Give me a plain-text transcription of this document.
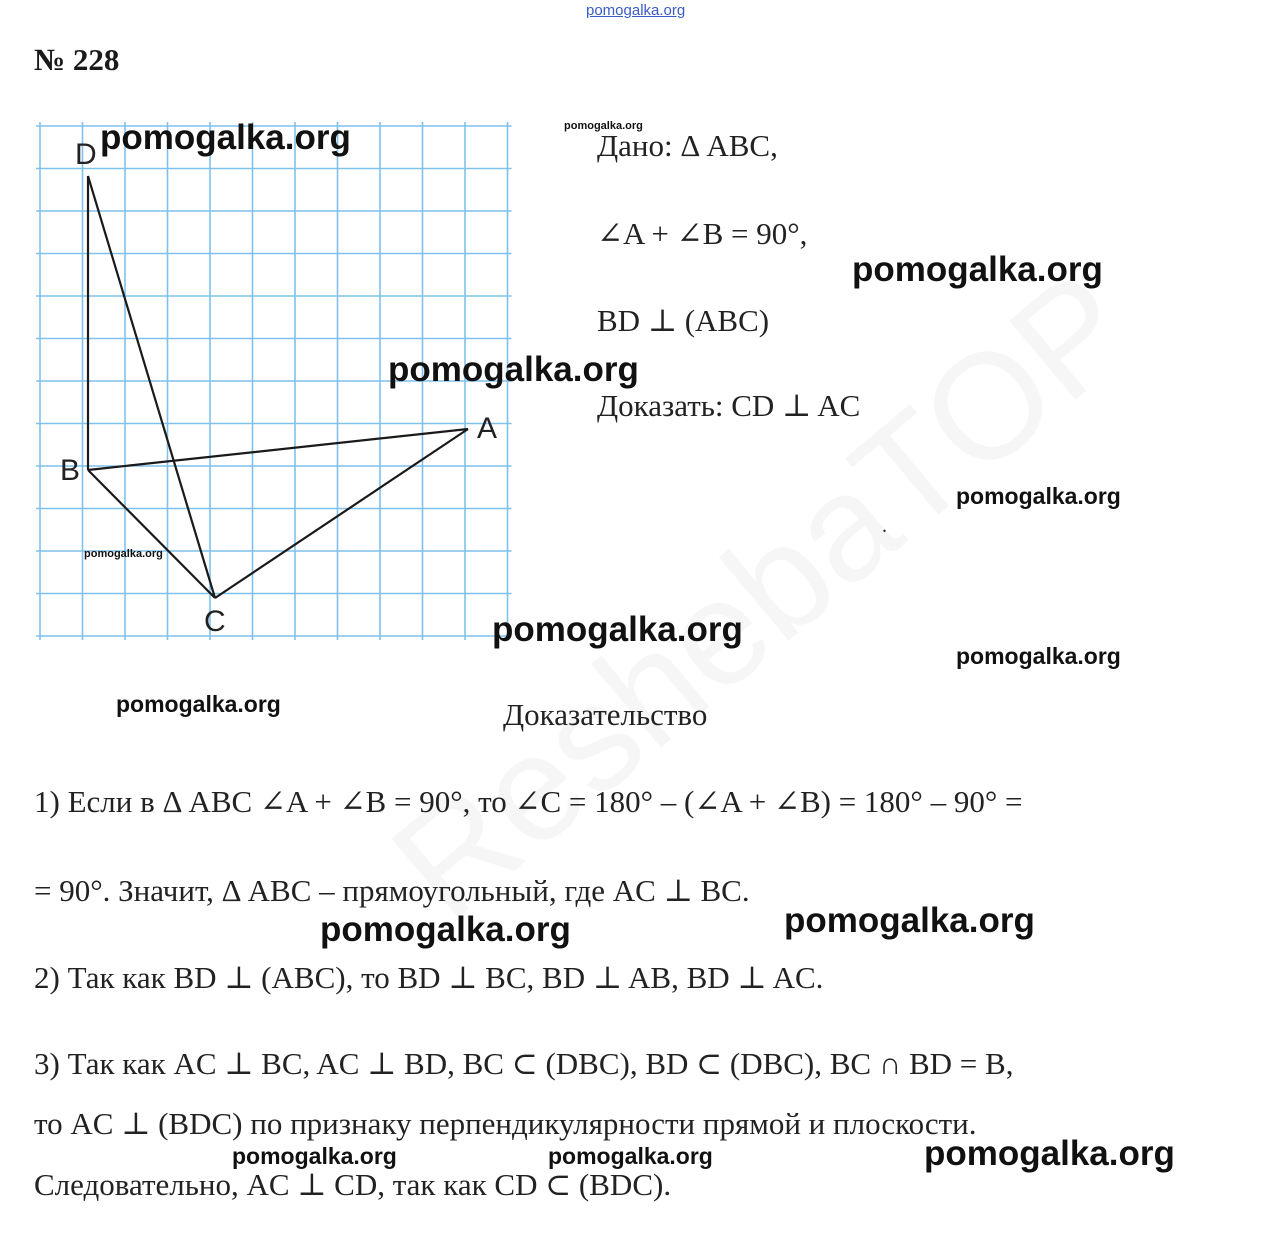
pomogalka.org
№ 228
D
B
A
C
Дано: Δ ABC,
∠A + ∠B = 90°,
BD ⊥ (ABC)
Доказать: CD ⊥ AC
.
Доказательство
1) Если в Δ ABC ∠A + ∠B = 90°, то ∠C = 180° – (∠A + ∠B) = 180° – 90° =
= 90°. Значит, Δ ABC – прямоугольный, где AC ⊥ BC.
2) Так как BD ⊥ (ABC), то BD ⊥ BC, BD ⊥ AB, BD ⊥ AC.
3) Так как AC ⊥ BC, AC ⊥ BD, BC ⊂ (DBC), BD ⊂ (DBC), BC ∩ BD = B,
то AC ⊥ (BDC) по признаку перпендикулярности прямой и плоскости.
Следовательно, AC ⊥ CD, так как CD ⊂ (BDC).
pomogalka.org	pomogalka.org
pomogalka.org
pomogalka.org
pomogalka.org
pomogalka.org
pomogalka.org
pomogalka.org
pomogalka.org
pomogalka.org
pomogalka.org
pomogalka.org	pomogalka.org	pomogalka.org
